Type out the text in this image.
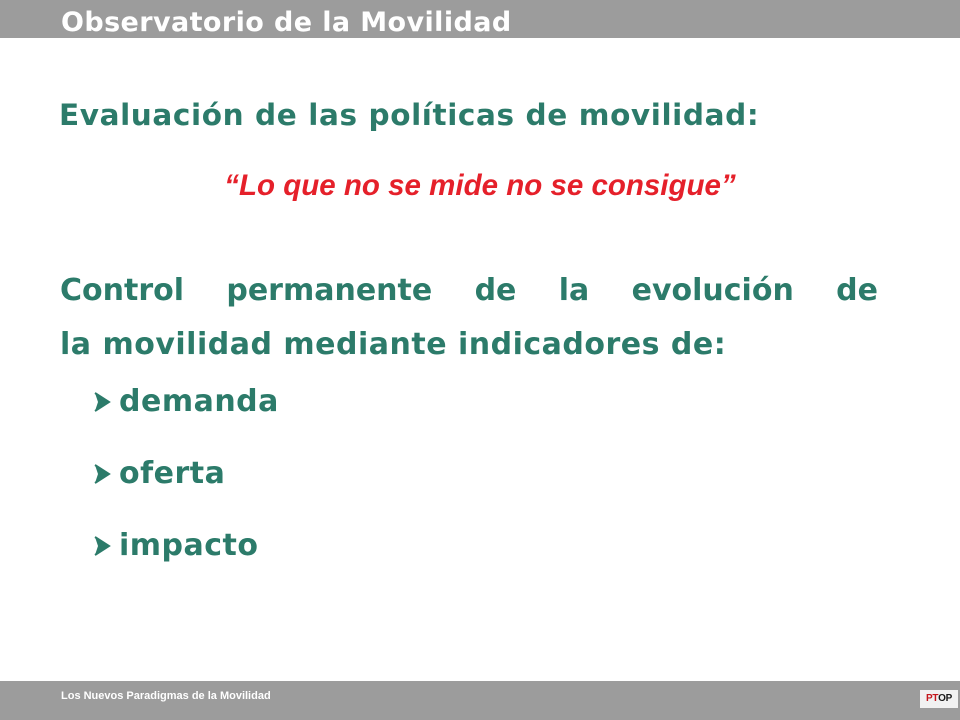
Observatorio de la Movilidad
Evaluación de las políticas de movilidad:
“Lo que no se mide no se consigue”
Control permanente de la evolución de
la movilidad mediante indicadores de:
demanda
oferta
impacto
Los Nuevos Paradigmas de la Movilidad	PT OP
